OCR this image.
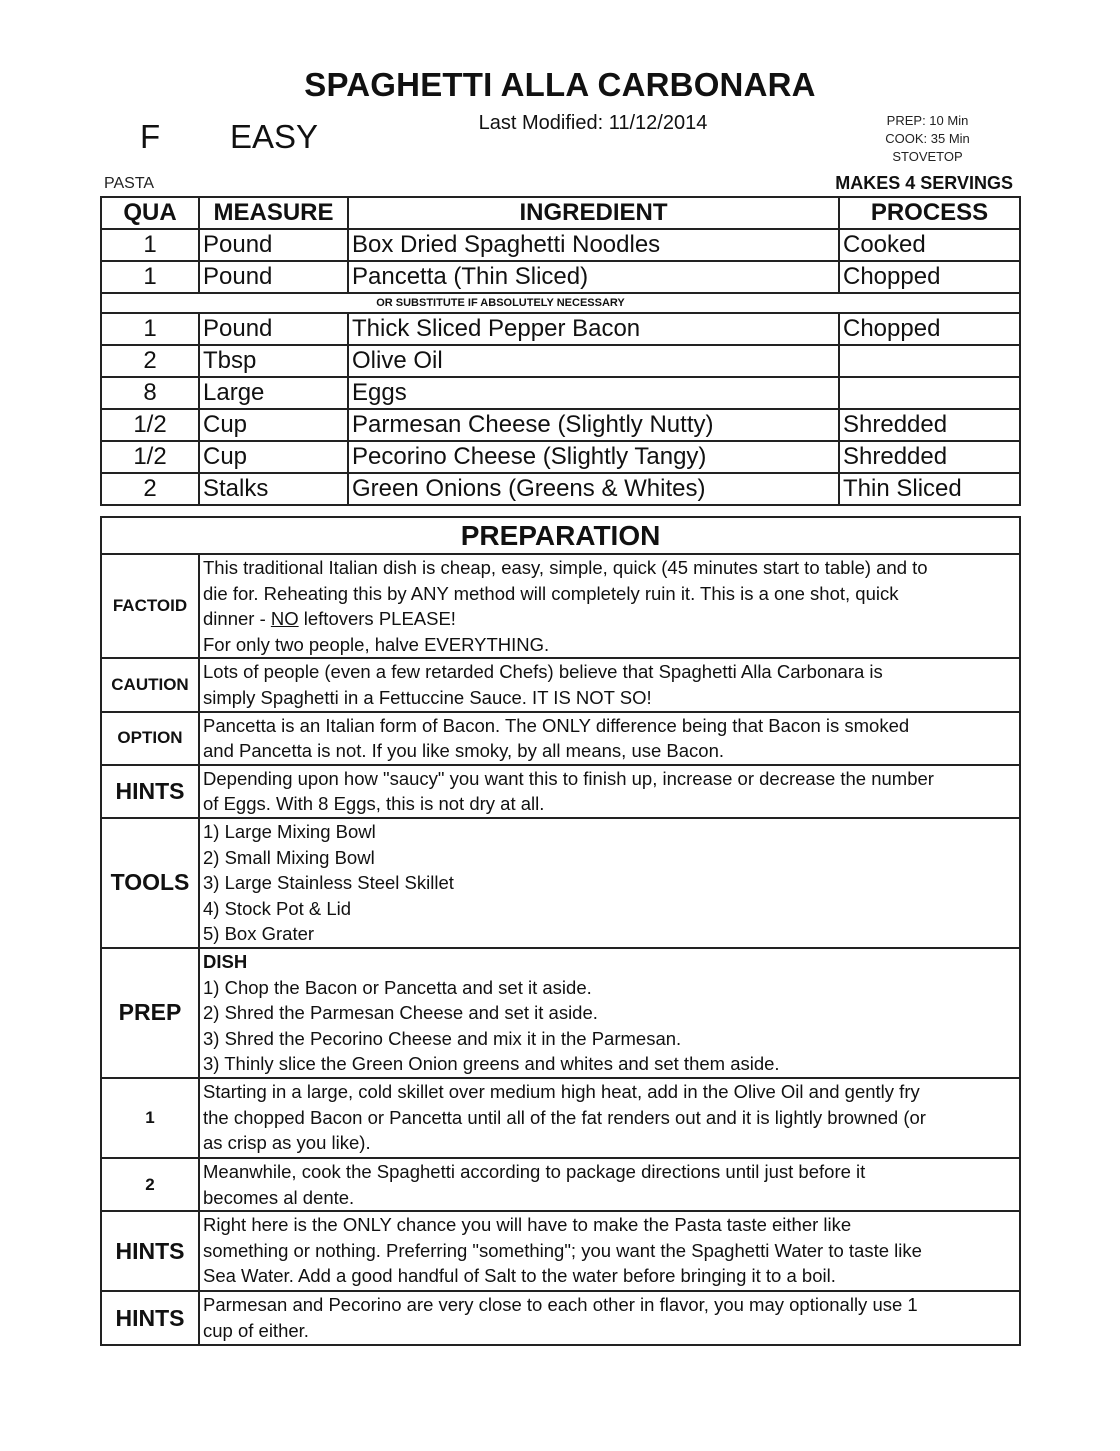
SPAGHETTI ALLA CARBONARA
F EASY	Last Modified: 11/12/2014	PREP: 10 Min
COOK: 35 Min
STOVETOP
PASTA	MAKES 4 SERVINGS
QUA	MEASURE	INGREDIENT	PROCESS
1	Pound	Box Dried Spaghetti Noodles	Cooked
1	Pound	Pancetta (Thin Sliced)	Chopped
OR SUBSTITUTE IF ABSOLUTELY NECESSARY			
1	Pound	Thick Sliced Pepper Bacon	Chopped
2	Tbsp	Olive Oil	
8	Large	Eggs	
1/2	Cup	Parmesan Cheese (Slightly Nutty)	Shredded
1/2	Cup	Pecorino Cheese (Slightly Tangy)	Shredded
2	Stalks	Green Onions (Greens & Whites)	Thin Sliced
PREPARATION	
FACTOID	This traditional Italian dish is cheap, easy, simple, quick (45 minutes start to table) and to
die for. Reheating this by ANY method will completely ruin it. This is a one shot, quick
dinner - NO leftovers PLEASE!
For only two people, halve EVERYTHING.

CAUTION	Lots of people (even a few retarded Chefs) believe that Spaghetti Alla Carbonara is
simply Spaghetti in a Fettuccine Sauce. IT IS NOT SO!

OPTION	Pancetta is an Italian form of Bacon. The ONLY difference being that Bacon is smoked
and Pancetta is not. If you like smoky, by all means, use Bacon.

HINTS	Depending upon how "saucy" you want this to finish up, increase or decrease the number
of Eggs. With 8 Eggs, this is not dry at all.

TOOLS	1) Large Mixing Bowl
2) Small Mixing Bowl
3) Large Stainless Steel Skillet
4) Stock Pot & Lid
5) Box Grater

PREP	DISH
1) Chop the Bacon or Pancetta and set it aside.
2) Shred the Parmesan Cheese and set it aside.
3) Shred the Pecorino Cheese and mix it in the Parmesan.
3) Thinly slice the Green Onion greens and whites and set them aside.

1	Starting in a large, cold skillet over medium high heat, add in the Olive Oil and gently fry
the chopped Bacon or Pancetta until all of the fat renders out and it is lightly browned (or
as crisp as you like).

2	Meanwhile, cook the Spaghetti according to package directions until just before it
becomes al dente.

HINTS	Right here is the ONLY chance you will have to make the Pasta taste either like
something or nothing. Preferring "something"; you want the Spaghetti Water to taste like
Sea Water. Add a good handful of Salt to the water before bringing it to a boil.

HINTS	Parmesan and Pecorino are very close to each other in flavor, you may optionally use 1
cup of either.
